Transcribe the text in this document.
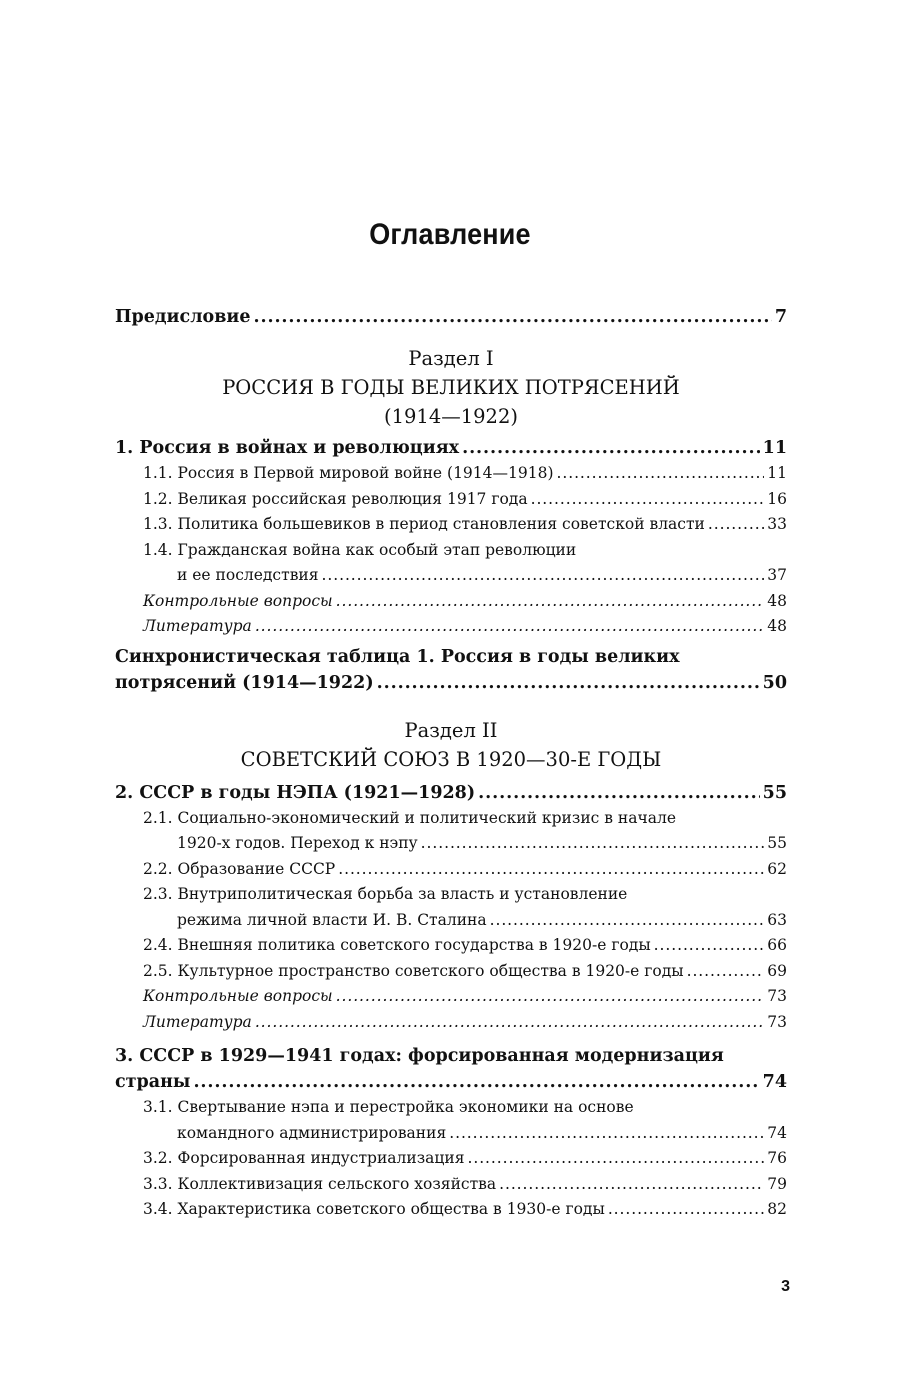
Оглавление
Предисловие . . .	7
Раздел I
РОССИЯ В ГОДЫ ВЕЛИКИХ ПОТРЯСЕНИЙ
(1914—1922)
1. Россия в войнах и революциях . . .	11
1.1. Россия в Первой мировой войне (1914—1918) . . .	11
1.2. Великая российская революция 1917 года . . .	16
1.3. Политика большевиков в период становления советской власти . . .	33
1.4. Гражданская война как особый этап революции
и ее последствия . . .	37
Контрольные вопросы . . .	48
Литература . . .	48
Синхронистическая таблица 1. Россия в годы великих
потрясений (1914—1922) . . .	50
Раздел II
СОВЕТСКИЙ СОЮЗ В 1920—30-Е ГОДЫ
2. СССР в годы НЭПА (1921—1928) . . .	55
2.1. Социально-экономический и политический кризис в начале
1920-х годов. Переход к нэпу . . .	55
2.2. Образование СССР . . .	62
2.3. Внутриполитическая борьба за власть и установление
режима личной власти И. В. Сталина . . .	63
2.4. Внешняя политика советского государства в 1920-е годы . . .	66
2.5. Культурное пространство советского общества в 1920-е годы . . .	69
Контрольные вопросы . . .	73
Литература . . .	73
3. СССР в 1929—1941 годах: форсированная модернизация
страны . . .	74
3.1. Свертывание нэпа и перестройка экономики на основе
командного администрирования . . .	74
3.2. Форсированная индустриализация . . .	76
3.3. Коллективизация сельского хозяйства . . .	79
3.4. Характеристика советского общества в 1930-е годы . . .	82
3
